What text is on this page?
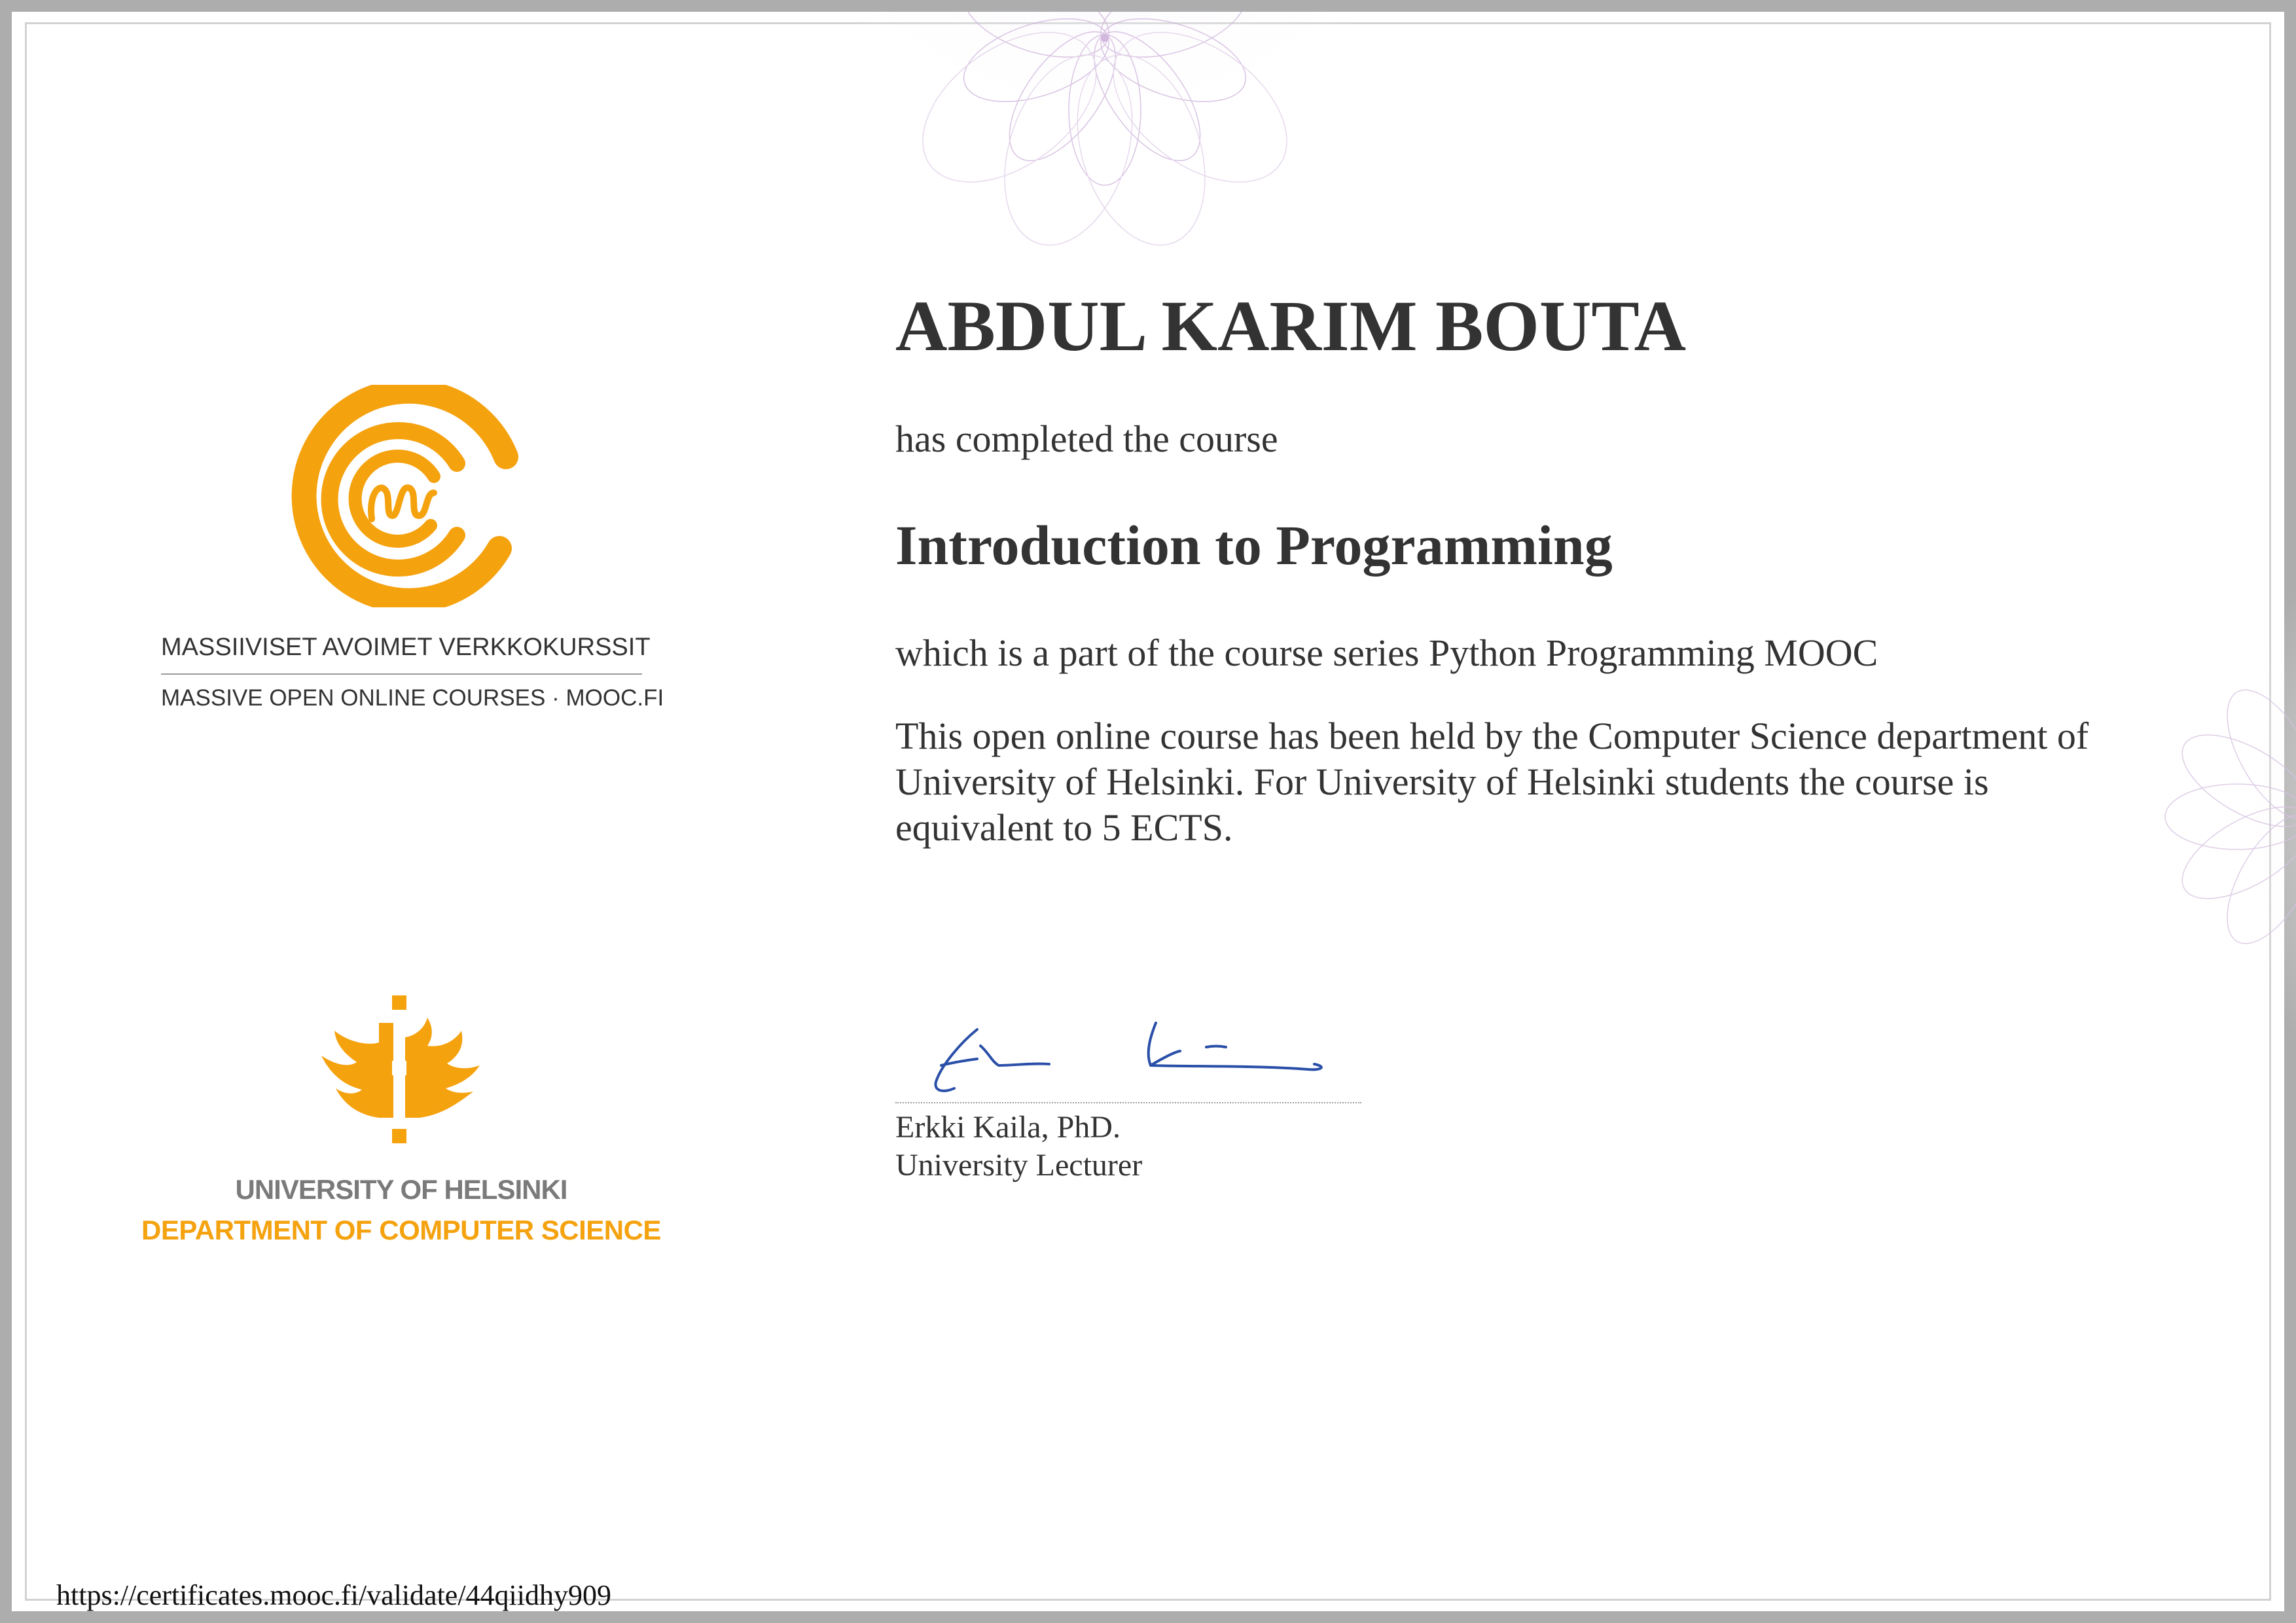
MASSIIVISET AVOIMET VERKKOKURSSIT
MASSIVE OPEN ONLINE COURSES · MOOC.FI
UNIVERSITY OF HELSINKI
DEPARTMENT OF COMPUTER SCIENCE
ABDUL KARIM BOUTA
has completed the course
Introduction to Programming
which is a part of the course series Python Programming MOOC
This open online course has been held by the Computer Science department of University of Helsinki. For University of Helsinki students the course is equivalent to 5 ECTS.
Erkki Kaila, PhD.
University Lecturer
https://certificates.mooc.fi/validate/44qiidhy909
